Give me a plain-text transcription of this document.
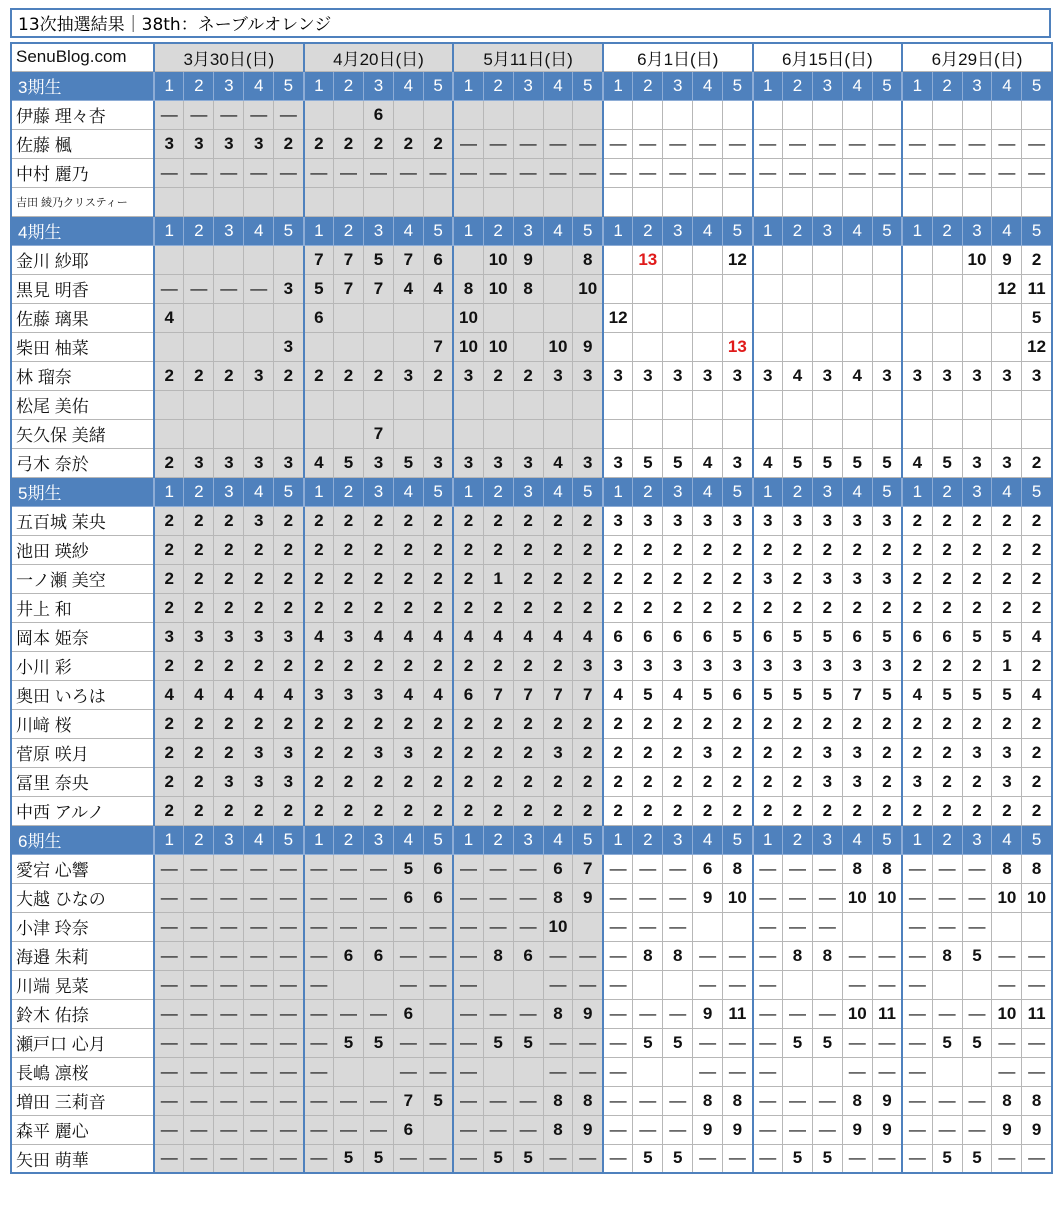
13次抽選結果｜38th：ネーブルオレンジ
SenuBlog.com	3月30日(日)					4月20日(日)					5月11日(日)					6月1日(日)					6月15日(日)					6月29日(日)				
3期生	1	2	3	4	5	1	2	3	4	5	1	2	3	4	5	1	2	3	4	5	1	2	3	4	5	1	2	3	4	5
伊藤 理々杏	—	—	—	—	—			6																						
佐藤 楓	3	3	3	3	2	2	2	2	2	2	—	—	—	—	—	—	—	—	—	—	—	—	—	—	—	—	—	—	—	—
中村 麗乃	—	—	—	—	—	—	—	—	—	—	—	—	—	—	—	—	—	—	—	—	—	—	—	—	—	—	—	—	—	—
吉田 綾乃クリスティー																														
4期生	1	2	3	4	5	1	2	3	4	5	1	2	3	4	5	1	2	3	4	5	1	2	3	4	5	1	2	3	4	5
金川 紗耶						7	7	5	7	6		10	9		8		13			12								10	9	2
黒見 明香	—	—	—	—	3	5	7	7	4	4	8	10	8		10														12	11
佐藤 璃果	4					6					10					12														5
柴田 柚菜					3					7	10	10		10	9					13										12
林 瑠奈	2	2	2	3	2	2	2	2	3	2	3	2	2	3	3	3	3	3	3	3	3	4	3	4	3	3	3	3	3	3
松尾 美佑																														
矢久保 美緒								7																						
弓木 奈於	2	3	3	3	3	4	5	3	5	3	3	3	3	4	3	3	5	5	4	3	4	5	5	5	5	4	5	3	3	2
5期生	1	2	3	4	5	1	2	3	4	5	1	2	3	4	5	1	2	3	4	5	1	2	3	4	5	1	2	3	4	5
五百城 茉央	2	2	2	3	2	2	2	2	2	2	2	2	2	2	2	3	3	3	3	3	3	3	3	3	3	2	2	2	2	2
池田 瑛紗	2	2	2	2	2	2	2	2	2	2	2	2	2	2	2	2	2	2	2	2	2	2	2	2	2	2	2	2	2	2
一ノ瀬 美空	2	2	2	2	2	2	2	2	2	2	2	1	2	2	2	2	2	2	2	2	3	2	3	3	3	2	2	2	2	2
井上 和	2	2	2	2	2	2	2	2	2	2	2	2	2	2	2	2	2	2	2	2	2	2	2	2	2	2	2	2	2	2
岡本 姫奈	3	3	3	3	3	4	3	4	4	4	4	4	4	4	4	6	6	6	6	5	6	5	5	6	5	6	6	5	5	4
小川 彩	2	2	2	2	2	2	2	2	2	2	2	2	2	2	3	3	3	3	3	3	3	3	3	3	3	2	2	2	1	2
奥田 いろは	4	4	4	4	4	3	3	3	4	4	6	7	7	7	7	4	5	4	5	6	5	5	5	7	5	4	5	5	5	4
川﨑 桜	2	2	2	2	2	2	2	2	2	2	2	2	2	2	2	2	2	2	2	2	2	2	2	2	2	2	2	2	2	2
菅原 咲月	2	2	2	3	3	2	2	3	3	2	2	2	2	3	2	2	2	2	3	2	2	2	3	3	2	2	2	3	3	2
冨里 奈央	2	2	3	3	3	2	2	2	2	2	2	2	2	2	2	2	2	2	2	2	2	2	3	3	2	3	2	2	3	2
中西 アルノ	2	2	2	2	2	2	2	2	2	2	2	2	2	2	2	2	2	2	2	2	2	2	2	2	2	2	2	2	2	2
6期生	1	2	3	4	5	1	2	3	4	5	1	2	3	4	5	1	2	3	4	5	1	2	3	4	5	1	2	3	4	5
愛宕 心響	—	—	—	—	—	—	—	—	5	6	—	—	—	6	7	—	—	—	6	8	—	—	—	8	8	—	—	—	8	8
大越 ひなの	—	—	—	—	—	—	—	—	6	6	—	—	—	8	9	—	—	—	9	10	—	—	—	10	10	—	—	—	10	10
小津 玲奈	—	—	—	—	—	—	—	—	—	—	—	—	—	10		—	—	—			—	—	—			—	—	—		
海邉 朱莉	—	—	—	—	—	—	6	6	—	—	—	8	6	—	—	—	8	8	—	—	—	8	8	—	—	—	8	5	—	—
川端 晃菜	—	—	—	—	—	—			—	—	—			—	—	—			—	—	—			—	—	—			—	—
鈴木 佑捺	—	—	—	—	—	—	—	—	6		—	—	—	8	9	—	—	—	9	11	—	—	—	10	11	—	—	—	10	11
瀬戸口 心月	—	—	—	—	—	—	5	5	—	—	—	5	5	—	—	—	5	5	—	—	—	5	5	—	—	—	5	5	—	—
長嶋 凛桜	—	—	—	—	—	—			—	—	—			—	—	—			—	—	—			—	—	—			—	—
増田 三莉音	—	—	—	—	—	—	—	—	7	5	—	—	—	8	8	—	—	—	8	8	—	—	—	8	9	—	—	—	8	8
森平 麗心	—	—	—	—	—	—	—	—	6		—	—	—	8	9	—	—	—	9	9	—	—	—	9	9	—	—	—	9	9
矢田 萌華	—	—	—	—	—	—	5	5	—	—	—	5	5	—	—	—	5	5	—	—	—	5	5	—	—	—	5	5	—	—
